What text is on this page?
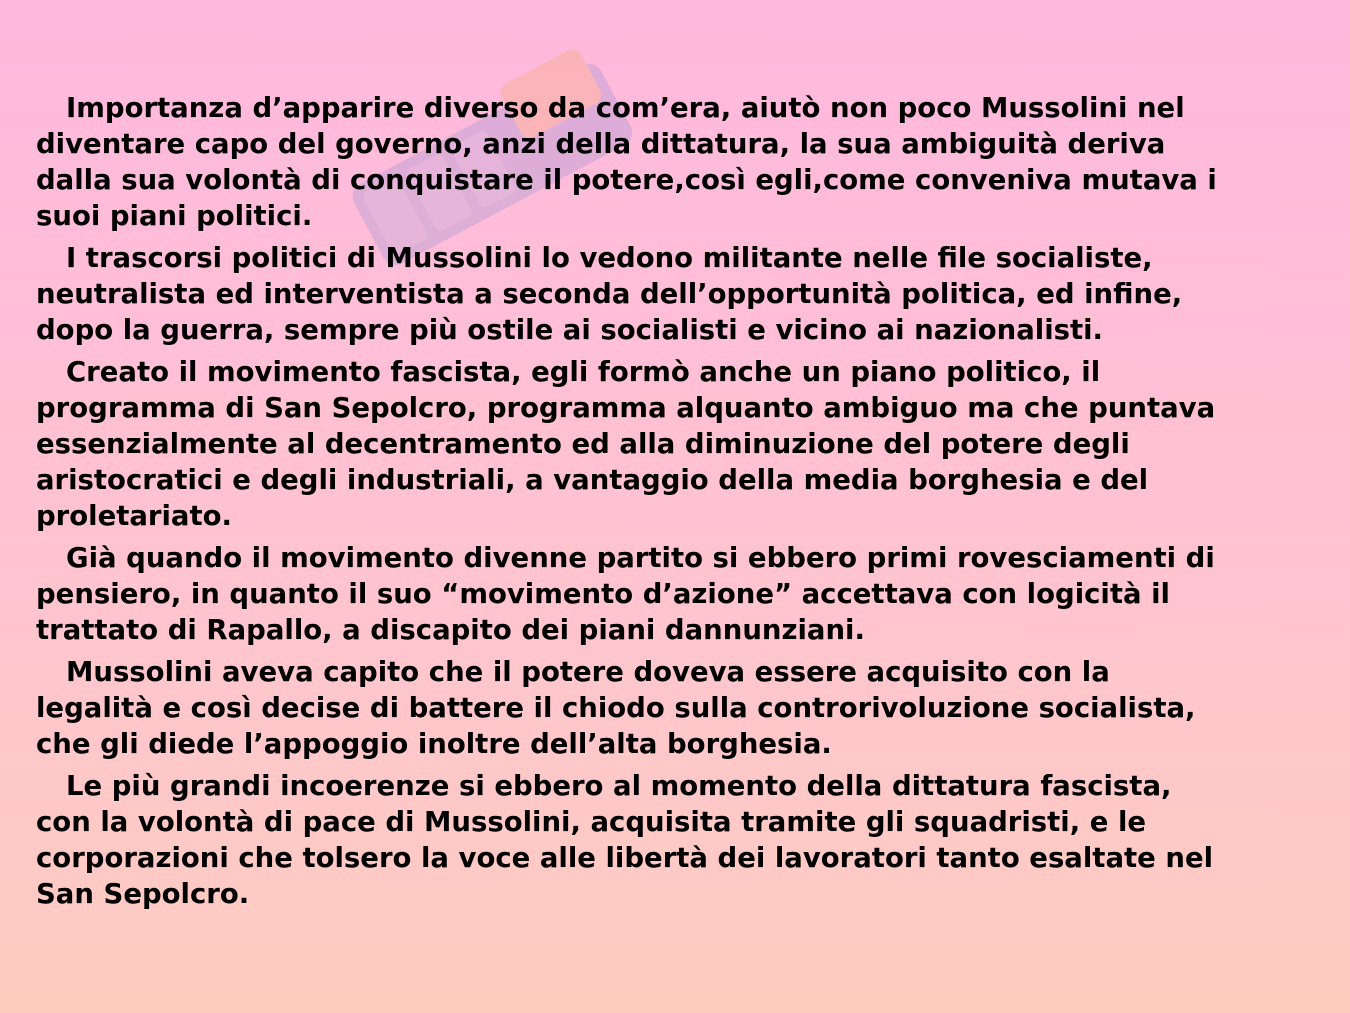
Importanza d’apparire diverso da com’era, aiutò non poco Mussolini nel
diventare capo del governo, anzi della dittatura, la sua ambiguità deriva
dalla sua volontà di conquistare il potere,così egli,come conveniva mutava i
suoi piani politici.

I trascorsi politici di Mussolini lo vedono militante nelle file socialiste,
neutralista ed interventista a seconda dell’opportunità politica, ed infine,
dopo la guerra, sempre più ostile ai socialisti e vicino ai nazionalisti.

Creato il movimento fascista, egli formò anche un piano politico, il
programma di San Sepolcro, programma alquanto ambiguo ma che puntava
essenzialmente al decentramento ed alla diminuzione del potere degli
aristocratici e degli industriali, a vantaggio della media borghesia e del
proletariato.

Già quando il movimento divenne partito si ebbero primi rovesciamenti di
pensiero, in quanto il suo “movimento d’azione” accettava con logicità il
trattato di Rapallo, a discapito dei piani dannunziani.

Mussolini aveva capito che il potere doveva essere acquisito con la
legalità e così decise di battere il chiodo sulla controrivoluzione socialista,
che gli diede l’appoggio inoltre dell’alta borghesia.

Le più grandi incoerenze si ebbero al momento della dittatura fascista,
con la volontà di pace di Mussolini, acquisita tramite gli squadristi, e le
corporazioni che tolsero la voce alle libertà dei lavoratori tanto esaltate nel
San Sepolcro.
